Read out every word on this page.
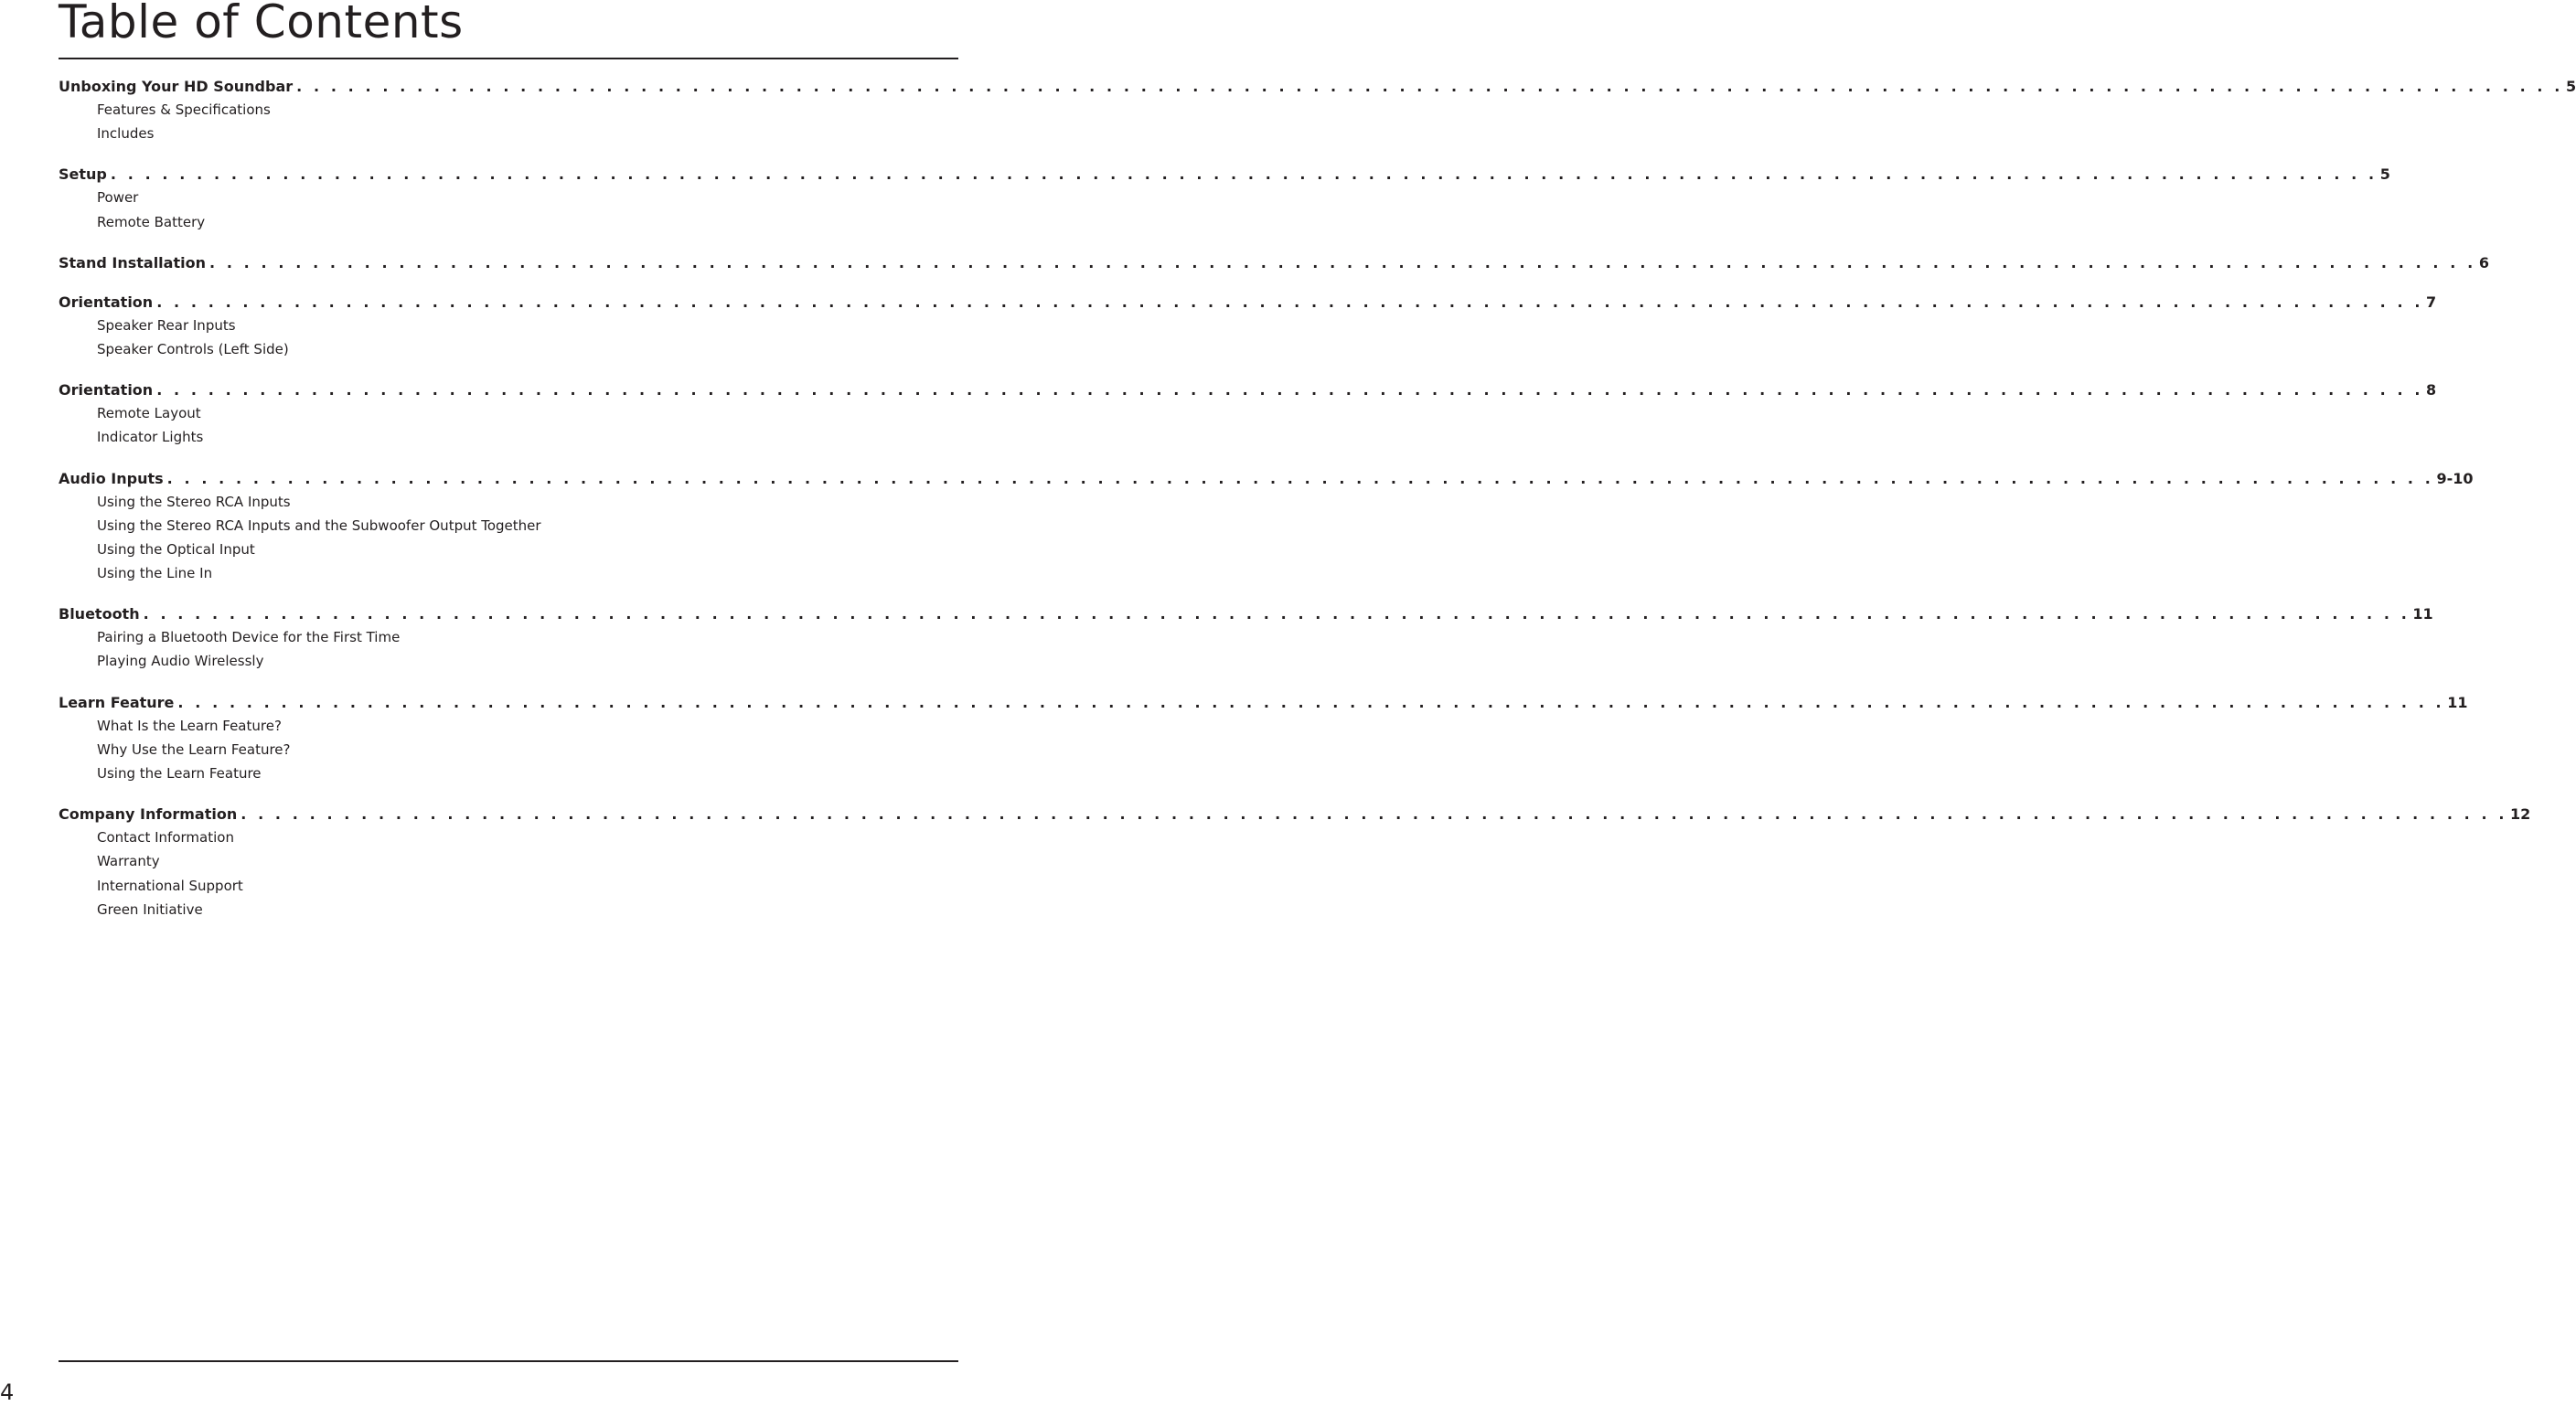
Table of Contents
Unboxing Your HD Soundbar . . . . . . . . . . . . . . . . . . . . . . . . . . . . . . . . . . . . . . . . . . . . . . . . . . . . . . . . . . . . . . . . . . . . . . . . . . . . . . . . . . . . . . . . . . . . . . . . . . . . . . . . . . . . . . . . . . . . . . . . . . . . . . . . . . . . 5
Features & Specifications
Includes
Setup . . . . . . . . . . . . . . . . . . . . . . . . . . . . . . . . . . . . . . . . . . . . . . . . . . . . . . . . . . . . . . . . . . . . . . . . . . . . . . . . . . . . . . . . . . . . . . . . . . . . . . . . . . . . . . . . . . . . . . . . . . . . . . . . . . . . 5
Power
Remote Battery
Stand Installation . . . . . . . . . . . . . . . . . . . . . . . . . . . . . . . . . . . . . . . . . . . . . . . . . . . . . . . . . . . . . . . . . . . . . . . . . . . . . . . . . . . . . . . . . . . . . . . . . . . . . . . . . . . . . . . . . . . . . . . . . . . . . . . . . . . . 6
Orientation . . . . . . . . . . . . . . . . . . . . . . . . . . . . . . . . . . . . . . . . . . . . . . . . . . . . . . . . . . . . . . . . . . . . . . . . . . . . . . . . . . . . . . . . . . . . . . . . . . . . . . . . . . . . . . . . . . . . . . . . . . . . . . . . . . . . 7
Speaker Rear Inputs
Speaker Controls (Left Side)
Orientation . . . . . . . . . . . . . . . . . . . . . . . . . . . . . . . . . . . . . . . . . . . . . . . . . . . . . . . . . . . . . . . . . . . . . . . . . . . . . . . . . . . . . . . . . . . . . . . . . . . . . . . . . . . . . . . . . . . . . . . . . . . . . . . . . . . . 8
Remote Layout
Indicator Lights
Audio Inputs . . . . . . . . . . . . . . . . . . . . . . . . . . . . . . . . . . . . . . . . . . . . . . . . . . . . . . . . . . . . . . . . . . . . . . . . . . . . . . . . . . . . . . . . . . . . . . . . . . . . . . . . . . . . . . . . . . . . . . . . . . . . . . . . . . . . 9-10
Using the Stereo RCA Inputs
Using the Stereo RCA Inputs and the Subwoofer Output Together
Using the Optical Input
Using the Line In
Bluetooth . . . . . . . . . . . . . . . . . . . . . . . . . . . . . . . . . . . . . . . . . . . . . . . . . . . . . . . . . . . . . . . . . . . . . . . . . . . . . . . . . . . . . . . . . . . . . . . . . . . . . . . . . . . . . . . . . . . . . . . . . . . . . . . . . . . . 11
Pairing a Bluetooth Device for the First Time
Playing Audio Wirelessly
Learn Feature . . . . . . . . . . . . . . . . . . . . . . . . . . . . . . . . . . . . . . . . . . . . . . . . . . . . . . . . . . . . . . . . . . . . . . . . . . . . . . . . . . . . . . . . . . . . . . . . . . . . . . . . . . . . . . . . . . . . . . . . . . . . . . . . . . . . 11
What Is the Learn Feature?
Why Use the Learn Feature?
Using the Learn Feature
Company Information . . . . . . . . . . . . . . . . . . . . . . . . . . . . . . . . . . . . . . . . . . . . . . . . . . . . . . . . . . . . . . . . . . . . . . . . . . . . . . . . . . . . . . . . . . . . . . . . . . . . . . . . . . . . . . . . . . . . . . . . . . . . . . . . . . . . 12
Contact Information
Warranty
International Support
Green Initiative
4
